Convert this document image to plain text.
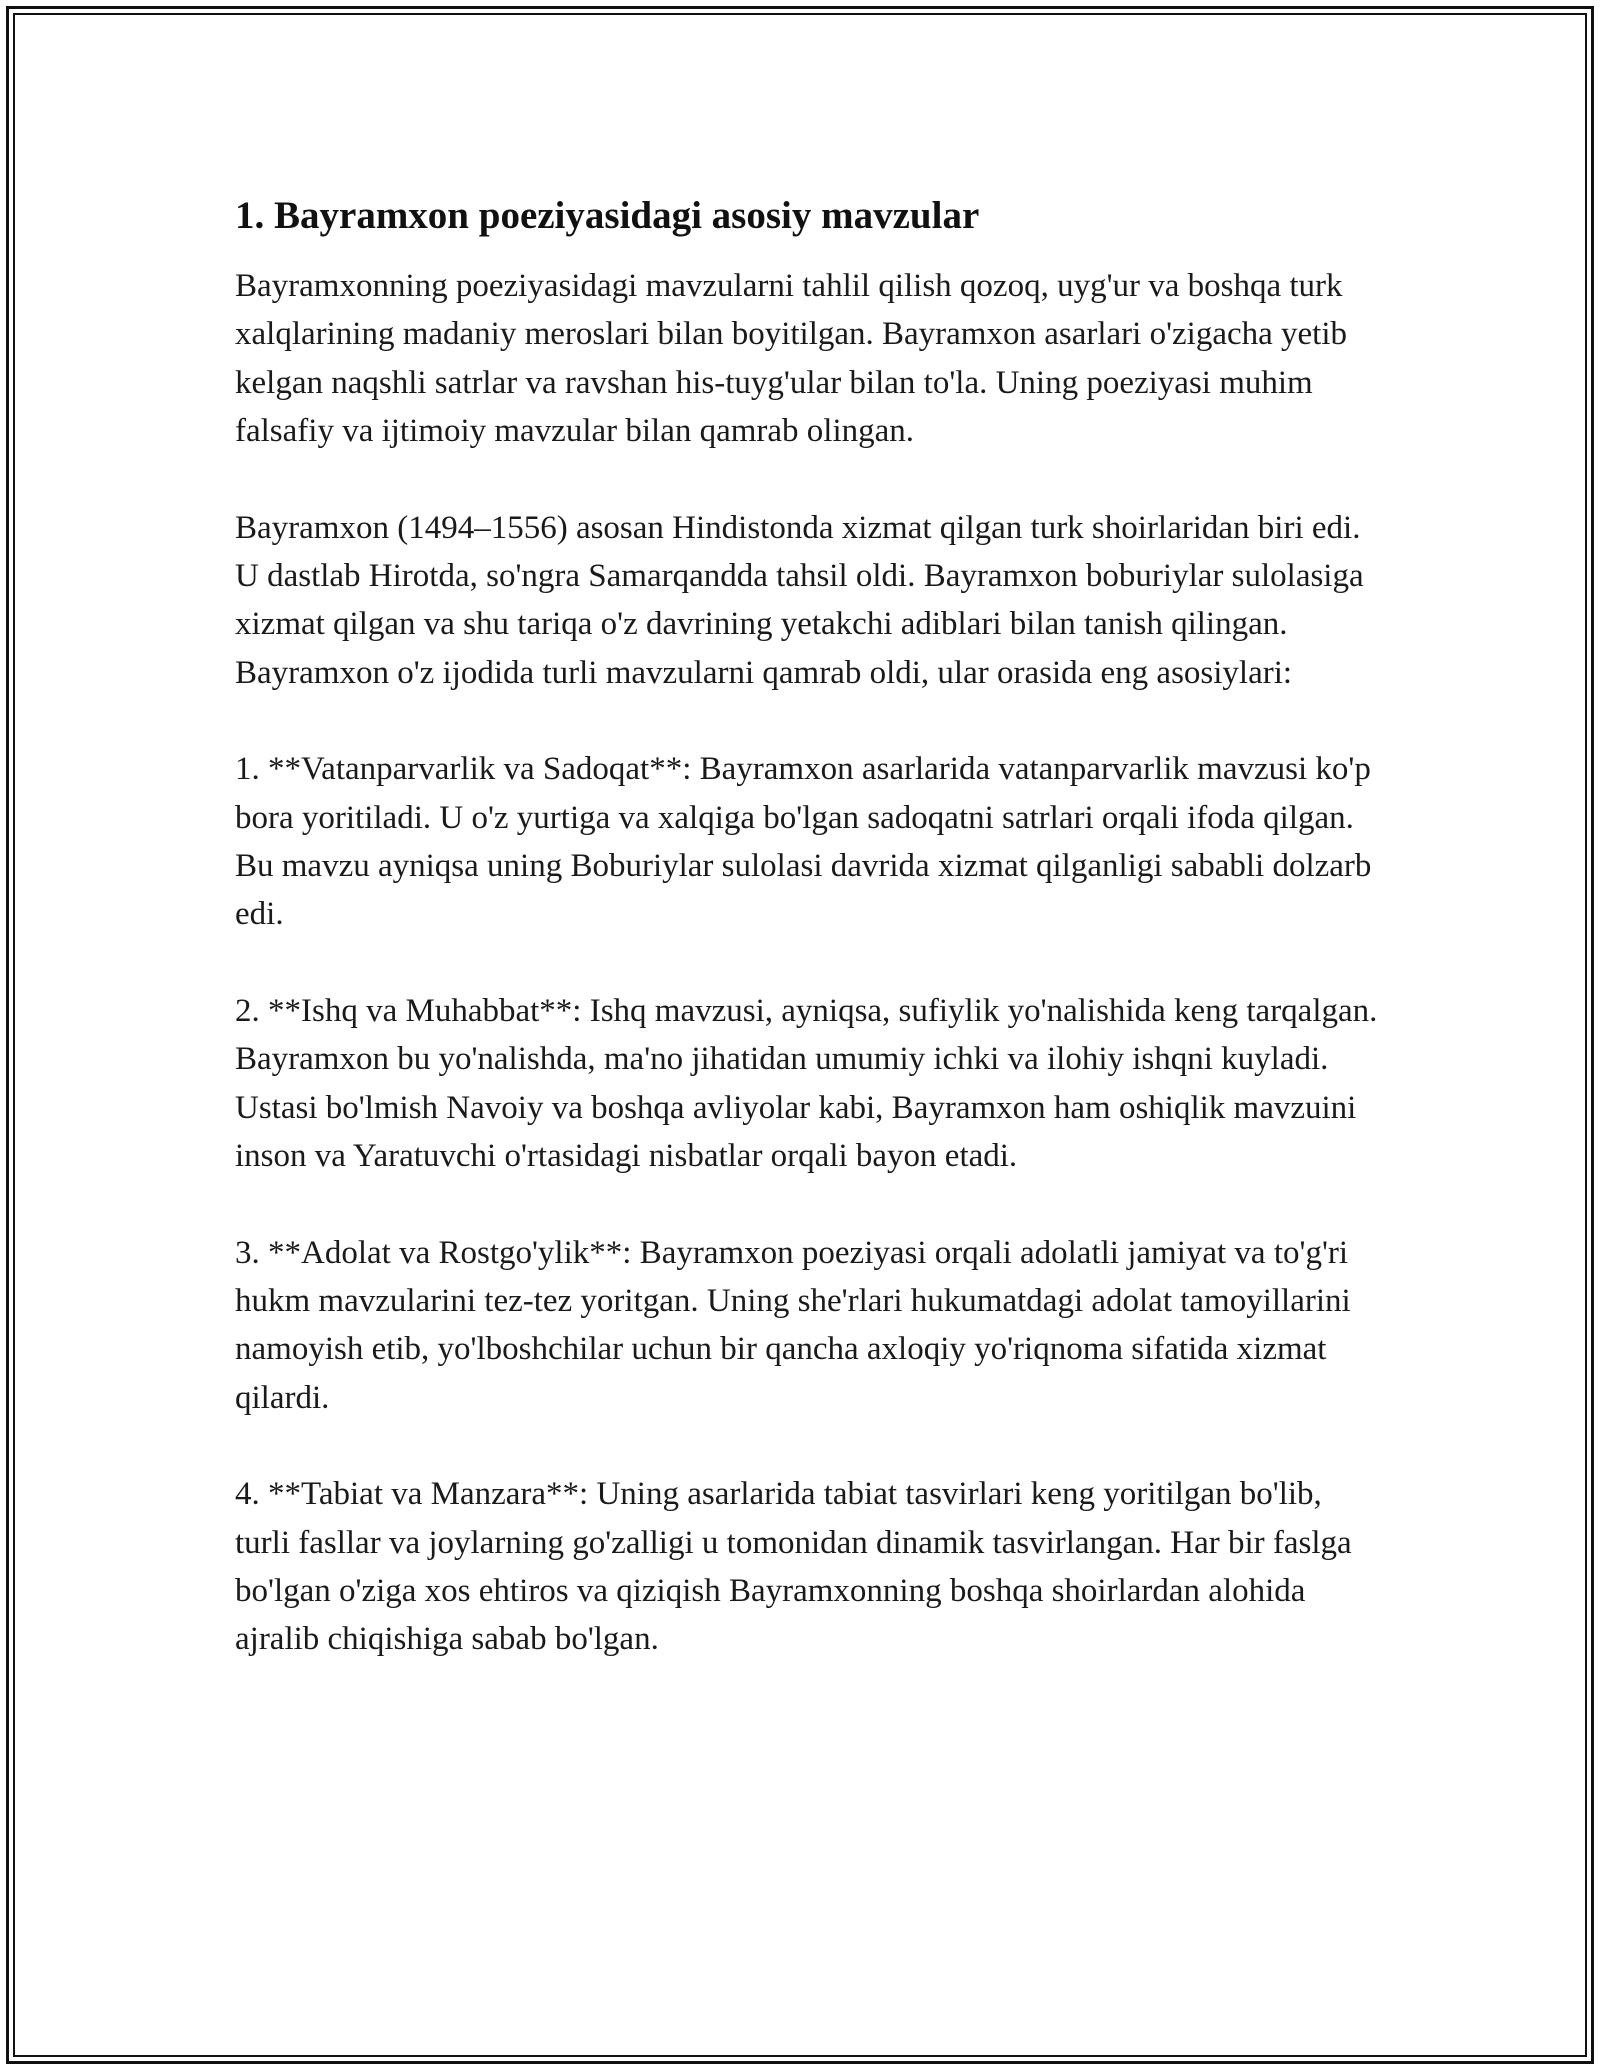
1. Bayramxon poeziyasidagi asosiy mavzular

Bayramxonning poeziyasidagi mavzularni tahlil qilish qozoq, uyg'ur va boshqa turk xalqlarining madaniy meroslari bilan boyitilgan. Bayramxon asarlari o'zigacha yetib kelgan naqshli satrlar va ravshan his-tuyg'ular bilan to'la. Uning poeziyasi muhim falsafiy va ijtimoiy mavzular bilan qamrab olingan.

Bayramxon (1494–1556) asosan Hindistonda xizmat qilgan turk shoirlaridan biri edi. U dastlab Hirotda, so'ngra Samarqandda tahsil oldi. Bayramxon boburiylar sulolasiga xizmat qilgan va shu tariqa o'z davrining yetakchi adiblari bilan tanish qilingan. Bayramxon o'z ijodida turli mavzularni qamrab oldi, ular orasida eng asosiylari:

1. **Vatanparvarlik va Sadoqat**: Bayramxon asarlarida vatanparvarlik mavzusi ko'p bora yoritiladi. U o'z yurtiga va xalqiga bo'lgan sadoqatni satrlari orqali ifoda qilgan. Bu mavzu ayniqsa uning Boburiylar sulolasi davrida xizmat qilganligi sababli dolzarb edi.

2. **Ishq va Muhabbat**: Ishq mavzusi, ayniqsa, sufiylik yo'nalishida keng tarqalgan. Bayramxon bu yo'nalishda, ma'no jihatidan umumiy ichki va ilohiy ishqni kuyladi. Ustasi bo'lmish Navoiy va boshqa avliyolar kabi, Bayramxon ham oshiqlik mavzuini inson va Yaratuvchi o'rtasidagi nisbatlar orqali bayon etadi.

3. **Adolat va Rostgo'ylik**: Bayramxon poeziyasi orqali adolatli jamiyat va to'g'ri hukm mavzularini tez-tez yoritgan. Uning she'rlari hukumatdagi adolat tamoyillarini namoyish etib, yo'lboshchilar uchun bir qancha axloqiy yo'riqnoma sifatida xizmat qilardi.

4. **Tabiat va Manzara**: Uning asarlarida tabiat tasvirlari keng yoritilgan bo'lib, turli fasllar va joylarning go'zalligi u tomonidan dinamik tasvirlangan. Har bir faslga bo'lgan o'ziga xos ehtiros va qiziqish Bayramxonning boshqa shoirlardan alohida ajralib chiqishiga sabab bo'lgan.
